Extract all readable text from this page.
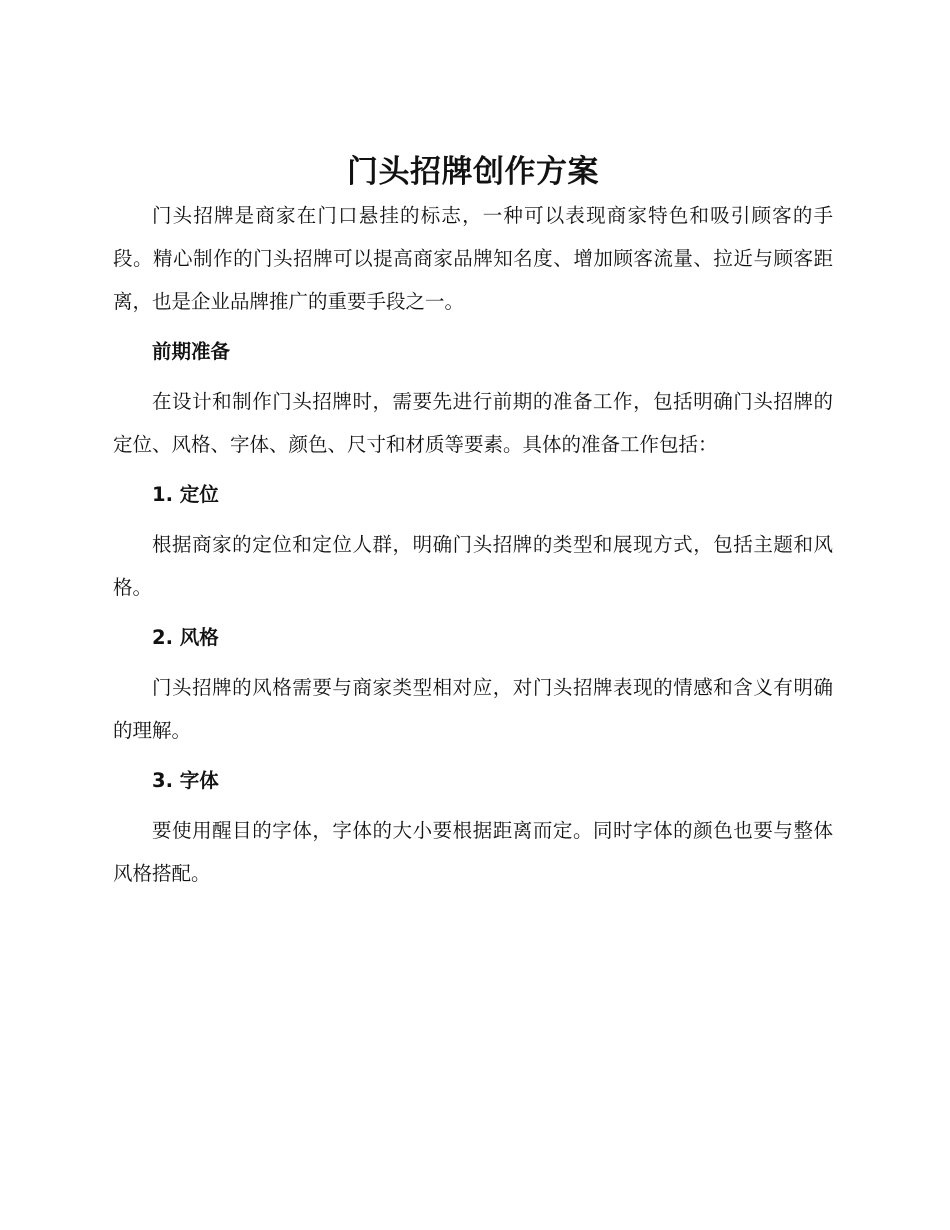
门头招牌创作方案

门头招牌是商家在门口悬挂的标志，一种可以表现商家特色和吸引顾客的手段。精心制作的门头招牌可以提高商家品牌知名度、增加顾客流量、拉近与顾客距离，也是企业品牌推广的重要手段之一。

前期准备

在设计和制作门头招牌时，需要先进行前期的准备工作，包括明确门头招牌的定位、风格、字体、颜色、尺寸和材质等要素。具体的准备工作包括：

1. 定位

根据商家的定位和定位人群，明确门头招牌的类型和展现方式，包括主题和风格。

2. 风格

门头招牌的风格需要与商家类型相对应，对门头招牌表现的情感和含义有明确的理解。

3. 字体

要使用醒目的字体，字体的大小要根据距离而定。同时字体的颜色也要与整体风格搭配。
